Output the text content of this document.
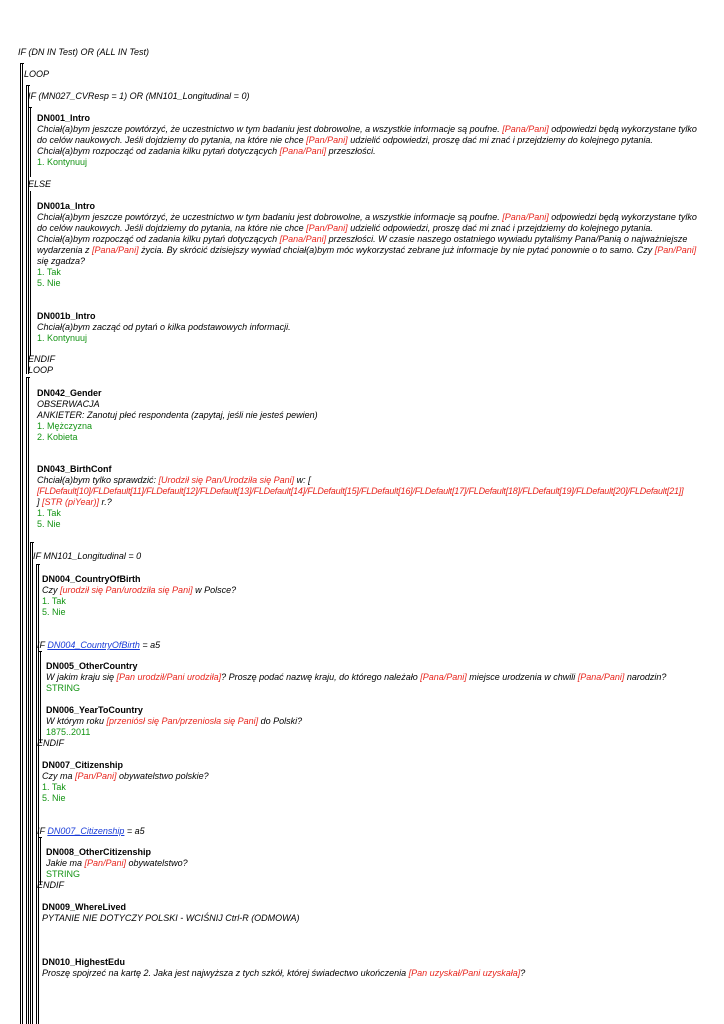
IF (DN IN Test) OR (ALL IN Test)
LOOP
IF (MN027_CVResp = 1) OR (MN101_Longitudinal = 0)
DN001_Intro
Chciał(a)bym jeszcze powtórzyć, że uczestnictwo w tym badaniu jest dobrowolne, a wszystkie informacje są poufne. [Pana/Pani] odpowiedzi będą wykorzystane tylko do celów naukowych. Jeśli dojdziemy do pytania, na które nie chce [Pan/Pani] udzielić odpowiedzi, proszę dać mi znać i przejdziemy do kolejnego pytania.
Chciał(a)bym rozpocząć od zadania kilku pytań dotyczących [Pana/Pani] przeszłości.
1. Kontynuuj
ELSE
DN001a_Intro
Chciał(a)bym jeszcze powtórzyć, że uczestnictwo w tym badaniu jest dobrowolne, a wszystkie informacje są poufne. [Pana/Pani] odpowiedzi będą wykorzystane tylko do celów naukowych. Jeśli dojdziemy do pytania, na które nie chce [Pan/Pani] udzielić odpowiedzi, proszę dać mi znać i przejdziemy do kolejnego pytania.
Chciał(a)bym rozpocząć od zadania kilku pytań dotyczących [Pana/Pani] przeszłości. W czasie naszego ostatniego wywiadu pytaliśmy Pana/Panią o najważniejsze wydarzenia z [Pana/Pani] życia. By skrócić dzisiejszy wywiad chciał(a)bym móc wykorzystać zebrane już informacje by nie pytać ponownie o to samo. Czy [Pan/Pani] się zgadza?
1. Tak
5. Nie
DN001b_Intro
Chciał(a)bym zacząć od pytań o kilka podstawowych informacji.
1. Kontynuuj
ENDIF
LOOP
DN042_Gender
OBSERWACJA
ANKIETER: Zanotuj płeć respondenta (zapytaj, jeśli nie jesteś pewien)
1. Mężczyzna
2. Kobieta
DN043_BirthConf
Chciał(a)bym tylko sprawdzić: [Urodził się Pan/Urodziła się Pani] w: [
[FLDefault[10]/FLDefault[11]/FLDefault[12]/FLDefault[13]/FLDefault[14]/FLDefault[15]/FLDefault[16]/FLDefault[17]/FLDefault[18]/FLDefault[19]/FLDefault[20]/FLDefault[21]]
] [STR (piYear)] r.?
1. Tak
5. Nie
IF MN101_Longitudinal = 0
DN004_CountryOfBirth
Czy [urodził się Pan/urodziła się Pani] w Polsce?
1. Tak
5. Nie
IF DN004_CountryOfBirth = a5
DN005_OtherCountry
W jakim kraju się [Pan urodził/Pani urodziła]? Proszę podać nazwę kraju, do którego należało [Pana/Pani] miejsce urodzenia w chwili [Pana/Pani] narodzin?
STRING
DN006_YearToCountry
W którym roku [przeniósł się Pan/przeniosła się Pani] do Polski?
1875..2011
ENDIF
DN007_Citizenship
Czy ma [Pan/Pani] obywatelstwo polskie?
1. Tak
5. Nie
IF DN007_Citizenship = a5
DN008_OtherCitizenship
Jakie ma [Pan/Pani] obywatelstwo?
STRING
ENDIF
DN009_WhereLived
PYTANIE NIE DOTYCZY POLSKI - WCIŚNIJ Ctrl-R (ODMOWA)
DN010_HighestEdu
Proszę spojrzeć na kartę 2. Jaka jest najwyższa z tych szkół, której świadectwo ukończenia [Pan uzyskał/Pani uzyskała]?
